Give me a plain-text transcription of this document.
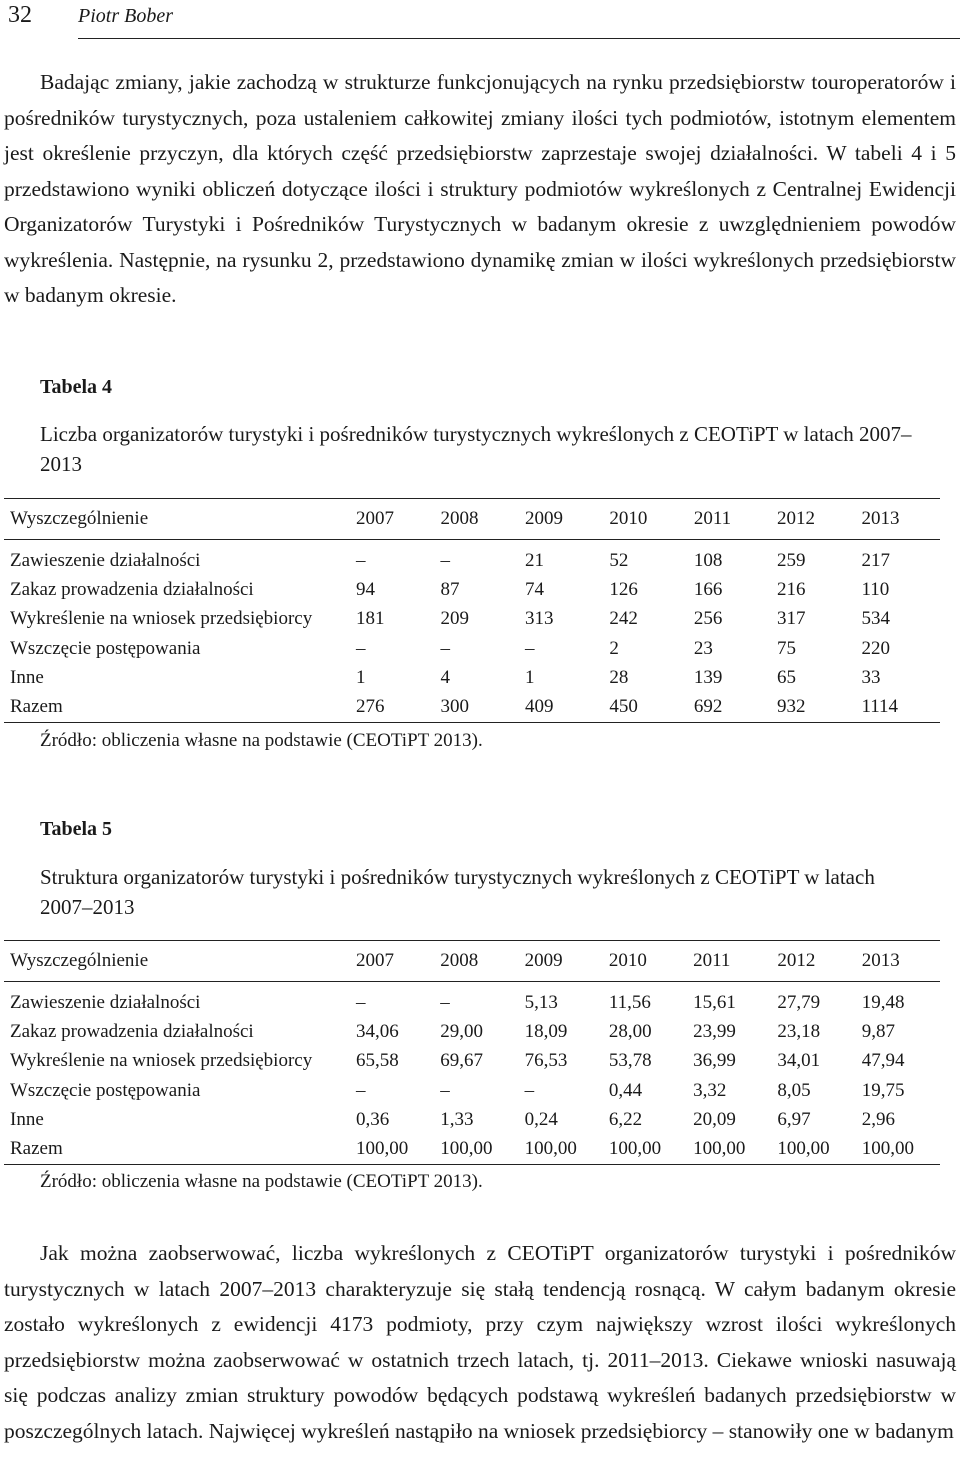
32 Piotr Bober

Badając zmiany, jakie zachodzą w strukturze funkcjonujących na rynku przedsiębiorstw touroperatorów i pośredników turystycznych, poza ustaleniem całkowitej zmiany ilości tych podmiotów, istotnym elementem jest określenie przyczyn, dla których część przedsiębiorstw zaprzestaje swojej działalności. W tabeli 4 i 5 przedstawiono wyniki obliczeń dotyczące ilości i struktury podmiotów wykreślonych z Centralnej Ewidencji Organizatorów Turystyki i Pośredników Turystycznych w badanym okresie z uwzględnieniem powodów wykreślenia. Następnie, na rysunku 2, przedstawiono dynamikę zmian w ilości wykreślonych przedsiębiorstw w badanym okresie.

Tabela 4

Liczba organizatorów turystyki i pośredników turystycznych wykreślonych z CEOTiPT w latach 2007–2013

Wyszczególnienie	2007	2008	2009	2010	2011	2012	2013
Zawieszenie działalności	–	–	21	52	108	259	217
Zakaz prowadzenia działalności	94	87	74	126	166	216	110
Wykreślenie na wniosek przedsiębiorcy	181	209	313	242	256	317	534
Wszczęcie postępowania	–	–	–	2	23	75	220
Inne	1	4	1	28	139	65	33
Razem	276	300	409	450	692	932	1114
Źródło: obliczenia własne na podstawie (CEOTiPT 2013).
Tabela 5

Struktura organizatorów turystyki i pośredników turystycznych wykreślonych z CEOTiPT w latach 2007–2013

Wyszczególnienie	2007	2008	2009	2010	2011	2012	2013
Zawieszenie działalności	–	–	5,13	11,56	15,61	27,79	19,48
Zakaz prowadzenia działalności	34,06	29,00	18,09	28,00	23,99	23,18	9,87
Wykreślenie na wniosek przedsiębiorcy	65,58	69,67	76,53	53,78	36,99	34,01	47,94
Wszczęcie postępowania	–	–	–	0,44	3,32	8,05	19,75
Inne	0,36	1,33	0,24	6,22	20,09	6,97	2,96
Razem	100,00	100,00	100,00	100,00	100,00	100,00	100,00
Źródło: obliczenia własne na podstawie (CEOTiPT 2013).

Jak można zaobserwować, liczba wykreślonych z CEOTiPT organizatorów turystyki i pośredników turystycznych w latach 2007–2013 charakteryzuje się stałą tendencją rosnącą. W całym badanym okresie zostało wykreślonych z ewidencji 4173 podmioty, przy czym największy wzrost ilości wykreślonych przedsiębiorstw można zaobserwować w ostatnich trzech latach, tj. 2011–2013. Ciekawe wnioski nasuwają się podczas analizy zmian struktury powodów będących podstawą wykreśleń badanych przedsiębiorstw w poszczególnych latach. Najwięcej wykreśleń nastąpiło na wniosek przedsiębiorcy – stanowiły one w badanym
